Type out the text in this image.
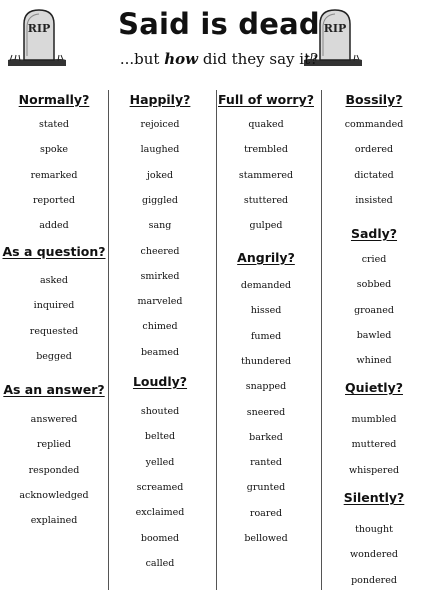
RIP	RIP
Said is dead
...but how did they say it?
Normally?
stated
spoke
remarked
reported
added
As a question?
asked
inquired
requested
begged
As an answer?
answered
replied
responded
acknowledged
explained
Happily?
rejoiced
laughed
joked
giggled
sang
cheered
smirked
marveled
chimed
beamed
Loudly?
shouted
belted
yelled
screamed
exclaimed
boomed
called
Full of worry?
quaked
trembled
stammered
stuttered
gulped
Angrily?
demanded
hissed
fumed
thundered
snapped
sneered
barked
ranted
grunted
roared
bellowed
Bossily?
commanded
ordered
dictated
insisted
Sadly?
cried
sobbed
groaned
bawled
whined
Quietly?
mumbled
muttered
whispered
Silently?
thought
wondered
pondered
